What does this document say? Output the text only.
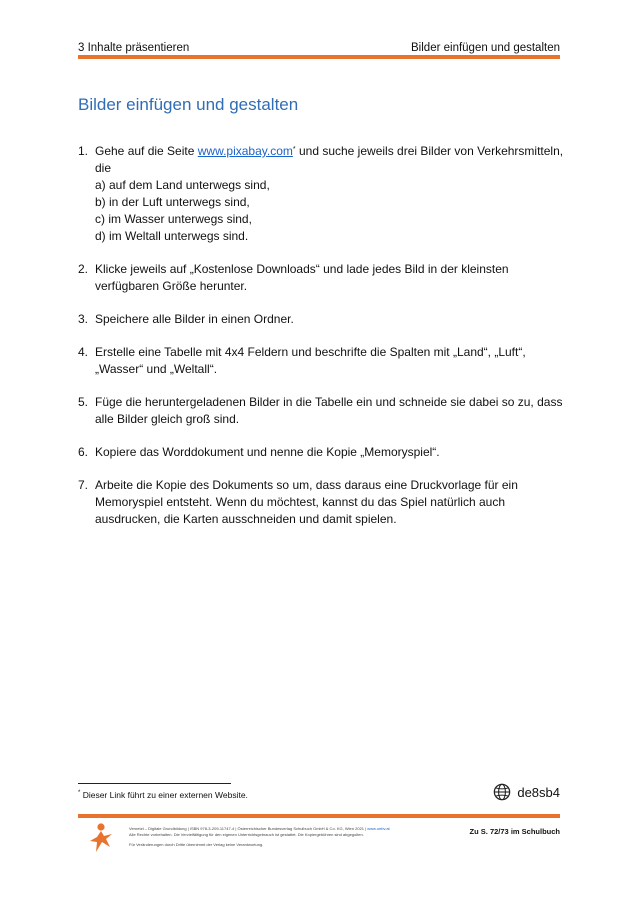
3 Inhalte präsentieren	Bilder einfügen und gestalten
Bilder einfügen und gestalten
1. Gehe auf die Seite www.pixabay.com* und suche jeweils drei Bilder von Verkehrsmitteln, die
a) auf dem Land unterwegs sind,
b) in der Luft unterwegs sind,
c) im Wasser unterwegs sind,
d) im Weltall unterwegs sind.
2. Klicke jeweils auf „Kostenlose Downloads“ und lade jedes Bild in der kleinsten verfügbaren Größe herunter.
3. Speichere alle Bilder in einen Ordner.
4. Erstelle eine Tabelle mit 4x4 Feldern und beschrifte die Spalten mit „Land“, „Luft“, „Wasser“ und „Weltall“.
5. Füge die heruntergeladenen Bilder in die Tabelle ein und schneide sie dabei so zu, dass alle Bilder gleich groß sind.
6. Kopiere das Worddokument und nenne die Kopie „Memoryspiel“.
7. Arbeite die Kopie des Dokuments so um, dass daraus eine Druckvorlage für ein Memoryspiel entsteht. Wenn du möchtest, kannst du das Spiel natürlich auch ausdrucken, die Karten ausschneiden und damit spielen.
* Dieser Link führt zu einer externen Website.	de8sb4

Vernetzt – Digitale Grundbildung | ISBN 978-3-209-11747-4 | Österreichischer Bundesverlag Schulbuch GmbH & Co. KG, Wien 2021 | www.oebv.at

Alle Rechte vorbehalten. Die Vervielfältigung für den eigenen Unterrichtsgebrauch ist gestattet. Die Kopiergebühren sind abgegolten.

Für Veränderungen durch Dritte übernimmt der Verlag keine Verantwortung.

Zu S. 72/73 im Schulbuch
